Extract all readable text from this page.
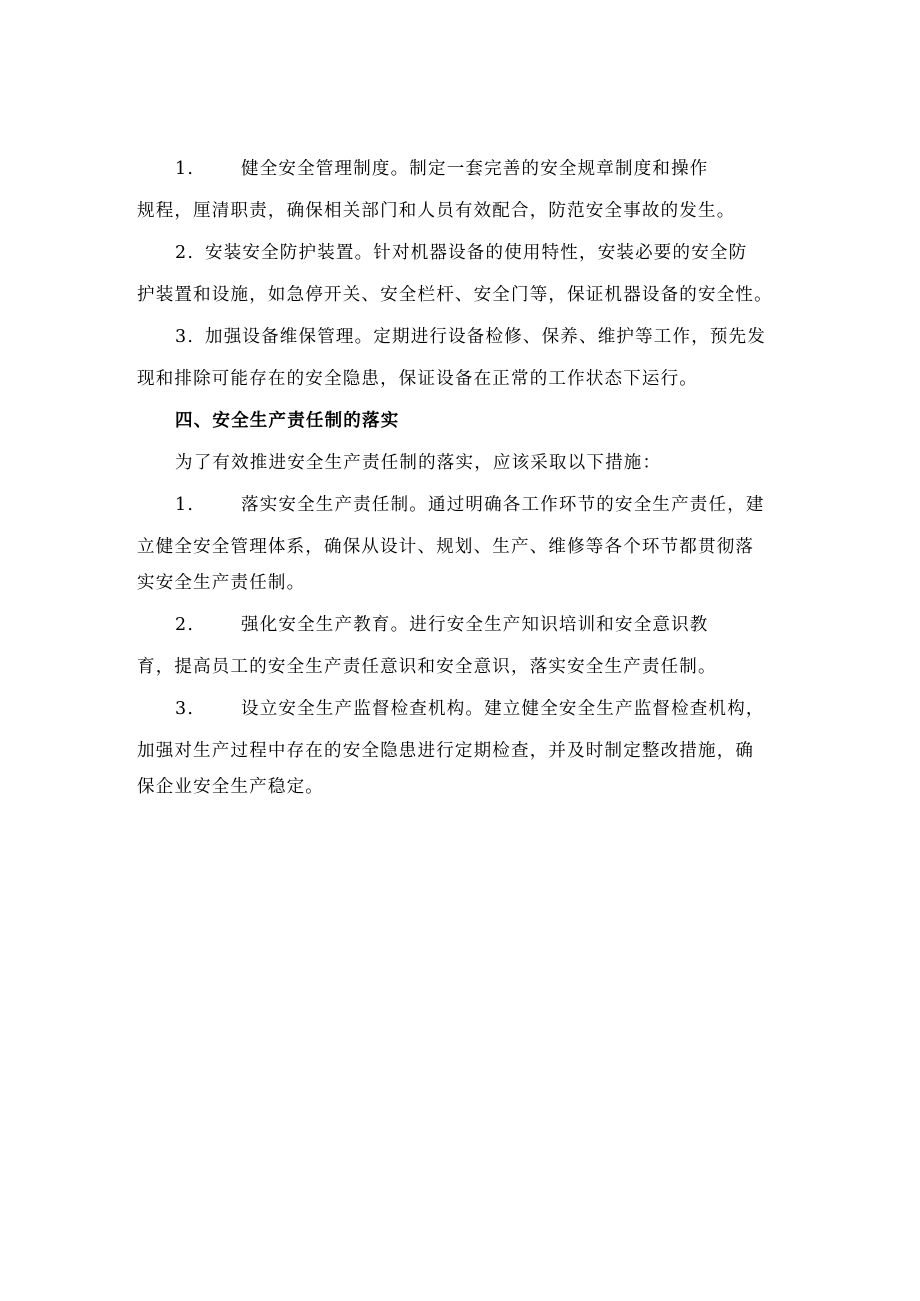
1.	健全安全管理制度。制定一套完善的安全规章制度和操作
规程，厘清职责，确保相关部门和人员有效配合，防范安全事故的发生。
2. 安装安全防护装置。针对机器设备的使用特性，安装必要的安全防
护装置和设施，如急停开关、安全栏杆、安全门等，保证机器设备的安全性。
3. 加强设备维保管理。定期进行设备检修、保养、维护等工作，预先发
现和排除可能存在的安全隐患，保证设备在正常的工作状态下运行。
四、安全生产责任制的落实
为了有效推进安全生产责任制的落实，应该采取以下措施：
1.	落实安全生产责任制。通过明确各工作环节的安全生产责任，建
立健全安全管理体系，确保从设计、规划、生产、维修等各个环节都贯彻落
实安全生产责任制。
2.	强化安全生产教育。进行安全生产知识培训和安全意识教
育，提高员工的安全生产责任意识和安全意识，落实安全生产责任制。
3.	设立安全生产监督检查机构。建立健全安全生产监督检查机构，
加强对生产过程中存在的安全隐患进行定期检查，并及时制定整改措施，确
保企业安全生产稳定。
